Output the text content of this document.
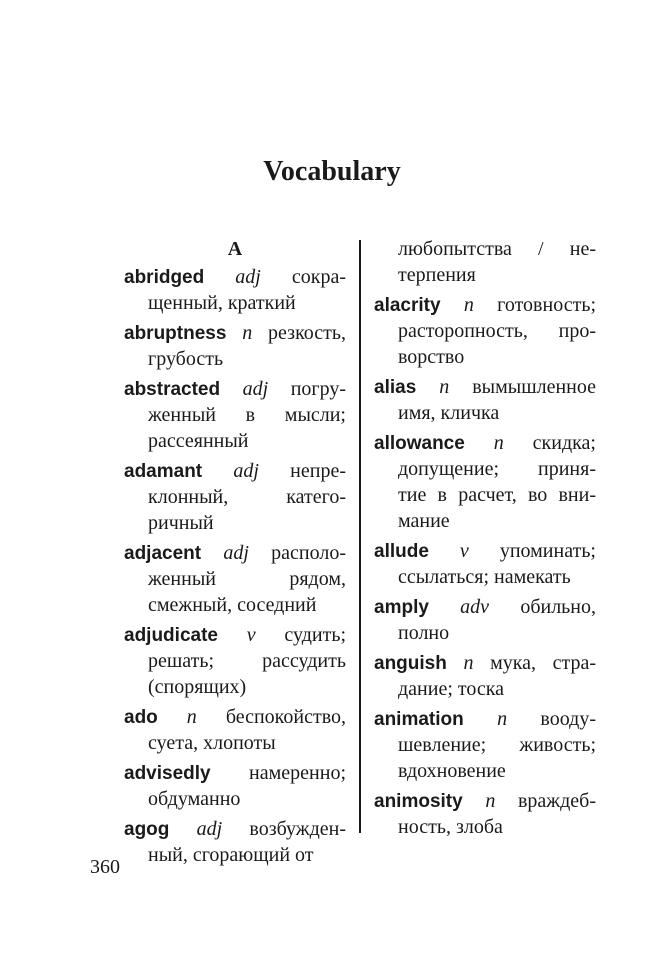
Vocabulary
A
abridged adj сокра-
щенный, краткий
abruptness n резкость,
грубость
abstracted adj погру-
женный в мысли;
рассеянный
adamant adj непре-
клонный, катего-
ричный
adjacent adj располо-
женный рядом,
смежный, соседний
adjudicate v судить;
решать; рассудить
(спорящих)
ado n беспокойство,
суета, хлопоты
advisedly намеренно;
обдуманно
agog adj возбужден-
ный, сгорающий от
любопытства / не-
терпения
alacrity n готовность;
расторопность, про-
ворство
alias n вымышленное
имя, кличка
allowance n скидка;
допущение; приня-
тие в расчет, во вни-
мание
allude v упоминать;
ссылаться; намекать
amply adv обильно,
полно
anguish n мука, стра-
дание; тоска
animation n вооду-
шевление; живость;
вдохновение
animosity n враждеб-
ность, злоба
360
